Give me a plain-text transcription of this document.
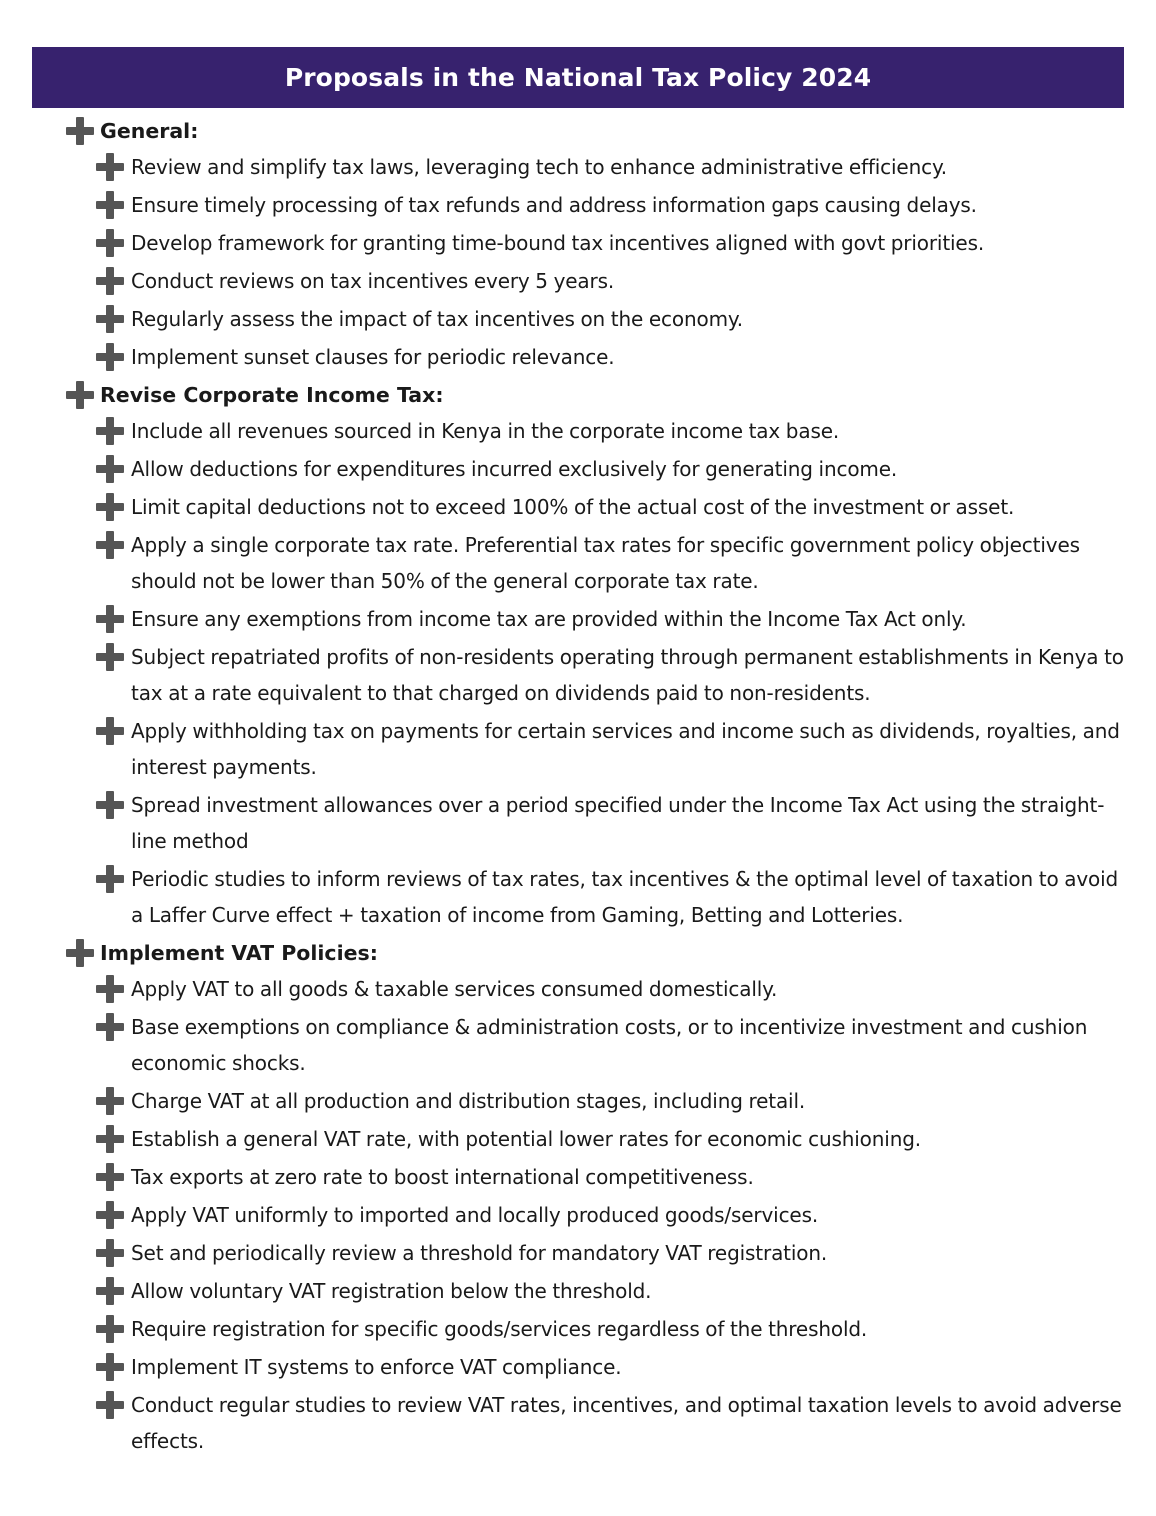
Proposals in the National Tax Policy 2024
General:
Review and simplify tax laws, leveraging tech to enhance administrative efficiency.
Ensure timely processing of tax refunds and address information gaps causing delays.
Develop framework for granting time-bound tax incentives aligned with govt priorities.
Conduct reviews on tax incentives every 5 years.
Regularly assess the impact of tax incentives on the economy.
Implement sunset clauses for periodic relevance.
Revise Corporate Income Tax:
Include all revenues sourced in Kenya in the corporate income tax base.
Allow deductions for expenditures incurred exclusively for generating income.
Limit capital deductions not to exceed 100% of the actual cost of the investment or asset.
Apply a single corporate tax rate. Preferential tax rates for specific government policy objectives should not be lower than 50% of the general corporate tax rate.
Ensure any exemptions from income tax are provided within the Income Tax Act only.
Subject repatriated profits of non-residents operating through permanent establishments in Kenya to tax at a rate equivalent to that charged on dividends paid to non-residents.
Apply withholding tax on payments for certain services and income such as dividends, royalties, and interest payments.
Spread investment allowances over a period specified under the Income Tax Act using the straight-line method
Periodic studies to inform reviews of tax rates, tax incentives & the optimal level of taxation to avoid a Laffer Curve effect + taxation of income from Gaming, Betting and Lotteries.
Implement VAT Policies:
Apply VAT to all goods & taxable services consumed domestically.
Base exemptions on compliance & administration costs, or to incentivize investment and cushion economic shocks.
Charge VAT at all production and distribution stages, including retail.
Establish a general VAT rate, with potential lower rates for economic cushioning.
Tax exports at zero rate to boost international competitiveness.
Apply VAT uniformly to imported and locally produced goods/services.
Set and periodically review a threshold for mandatory VAT registration.
Allow voluntary VAT registration below the threshold.
Require registration for specific goods/services regardless of the threshold.
Implement IT systems to enforce VAT compliance.
Conduct regular studies to review VAT rates, incentives, and optimal taxation levels to avoid adverse effects.
